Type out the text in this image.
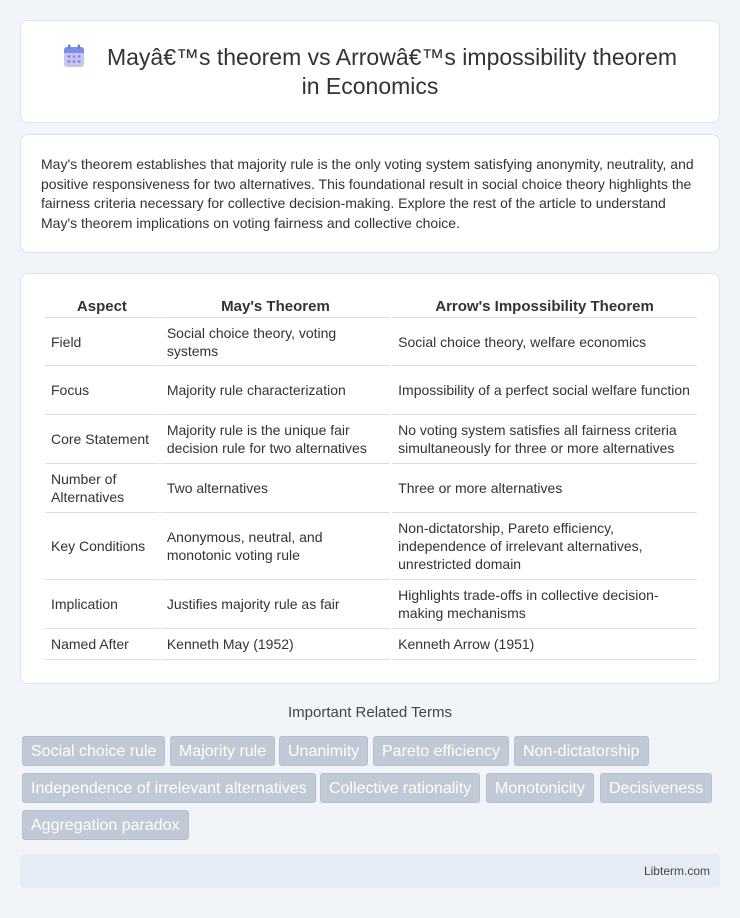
Mayâ€™s theorem vs Arrowâ€™s impossibility theorem
in Economics

May's theorem establishes that majority rule is the only voting system satisfying anonymity, neutrality, and positive responsiveness for two alternatives. This foundational result in social choice theory highlights the fairness criteria necessary for collective decision-making. Explore the rest of the article to understand May's theorem implications on voting fairness and collective choice.

Aspect	May's Theorem	Arrow's Impossibility Theorem
Field	Social choice theory, voting systems	Social choice theory, welfare economics
Focus	Majority rule characterization	Impossibility of a perfect social welfare function
Core Statement	Majority rule is the unique fair decision rule for two alternatives	No voting system satisfies all fairness criteria simultaneously for three or more alternatives
Number of Alternatives	Two alternatives	Three or more alternatives
Key Conditions	Anonymous, neutral, and monotonic voting rule	Non-dictatorship, Pareto efficiency, independence of irrelevant alternatives, unrestricted domain
Implication	Justifies majority rule as fair	Highlights trade-offs in collective decision-making mechanisms
Named After	Kenneth May (1952)	Kenneth Arrow (1951)
Important Related Terms
Social choice rule	Majority rule	Unanimity	Pareto efficiency	Non-dictatorship
Independence of irrelevant alternatives	Collective rationality	Monotonicity	Decisiveness
Aggregation paradox
Libterm.com
